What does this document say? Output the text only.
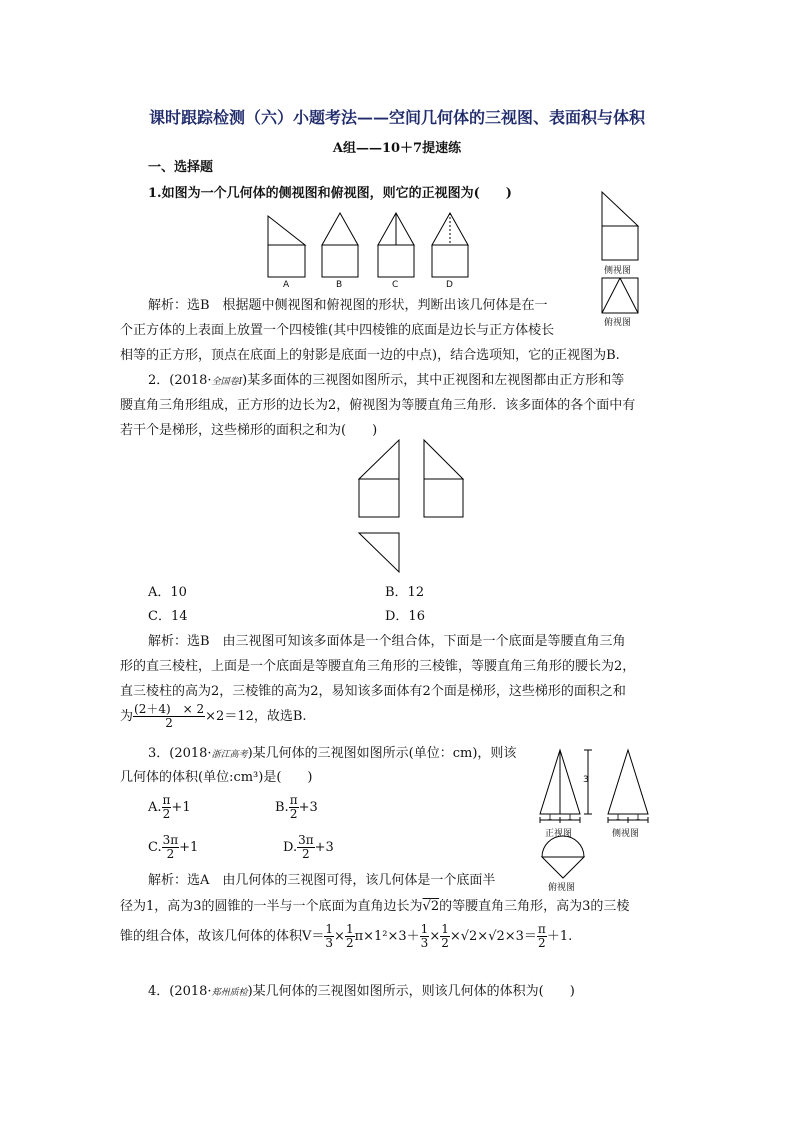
课时跟踪检测（六）小题考法——空间几何体的三视图、表面积与体积
A组——10＋7提速练
一、选择题
1.如图为一个几何体的侧视图和俯视图，则它的正视图为(　　)
A	B	C	D
侧视图
俯视图
解析：选B　根据题中侧视图和俯视图的形状，判断出该几何体是在一
个正方体的上表面上放置一个四棱锥(其中四棱锥的底面是边长与正方体棱长
相等的正方形，顶点在底面上的射影是底面一边的中点)，结合选项知，它的正视图为B.
2．(2018·全国卷Ⅰ)某多面体的三视图如图所示，其中正视图和左视图都由正方形和等
腰直角三角形组成，正方形的边长为2，俯视图为等腰直角三角形．该多面体的各个面中有
若干个是梯形，这些梯形的面积之和为(　　)
A．10	B．12
C．14	D．16
解析：选B　由三视图可知该多面体是一个组合体，下面是一个底面是等腰直角三角
形的直三棱柱，上面是一个底面是等腰直角三角形的三棱锥，等腰直角三角形的腰长为2，
直三棱柱的高为2，三棱锥的高为2，易知该多面体有2个面是梯形，这些梯形的面积之和
为 $\frac{(2+4) \times 2}{2} \times 2=12$，故选B.
3．(2018·浙江高考)某几何体的三视图如图所示(单位：cm)，则该
几何体的体积(单位:cm³)是(　　)
A. $\frac{\pi}{2} +1$	B. $\frac{\pi}{2} +3$
C. $\frac{3\pi}{2} +1$	D. $\frac{3\pi}{2} +3$
3
1 1	1 1
正视图	侧视图
俯视图
解析：选A　由几何体的三视图可得，该几何体是一个底面半
径为1，高为3的圆锥的一半与一个底面为直角边长为√2的等腰直角三角形，高为3的三棱
锥的组合体，故该几何体的体积$V= \frac{1}{3} \times \frac{1}{2} \pi\times 1^2\times 3+ \frac{1}{3} \times \frac{1}{2} \times√2\times√2\times 3= \frac{\pi}{2} +1$.
4．(2018·郑州质检)某几何体的三视图如图所示，则该几何体的体积为(　　)
